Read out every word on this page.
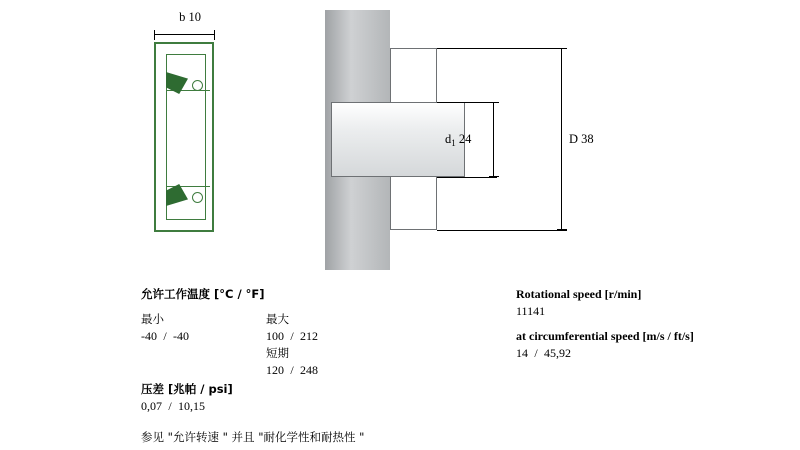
b 10
$d_1$ 24	D 38
允许工作温度 [°C / °F]
最小
-40 / -40
最大
100 / 212
短期
120 / 248
压差 [兆帕 / psi]
0,07 / 10,15
参见 "允许转速 " 并且 "耐化学性和耐热性 "
Rotational speed [r/min]
11141
at circumferential speed [m/s / ft/s]
14 / 45,92
